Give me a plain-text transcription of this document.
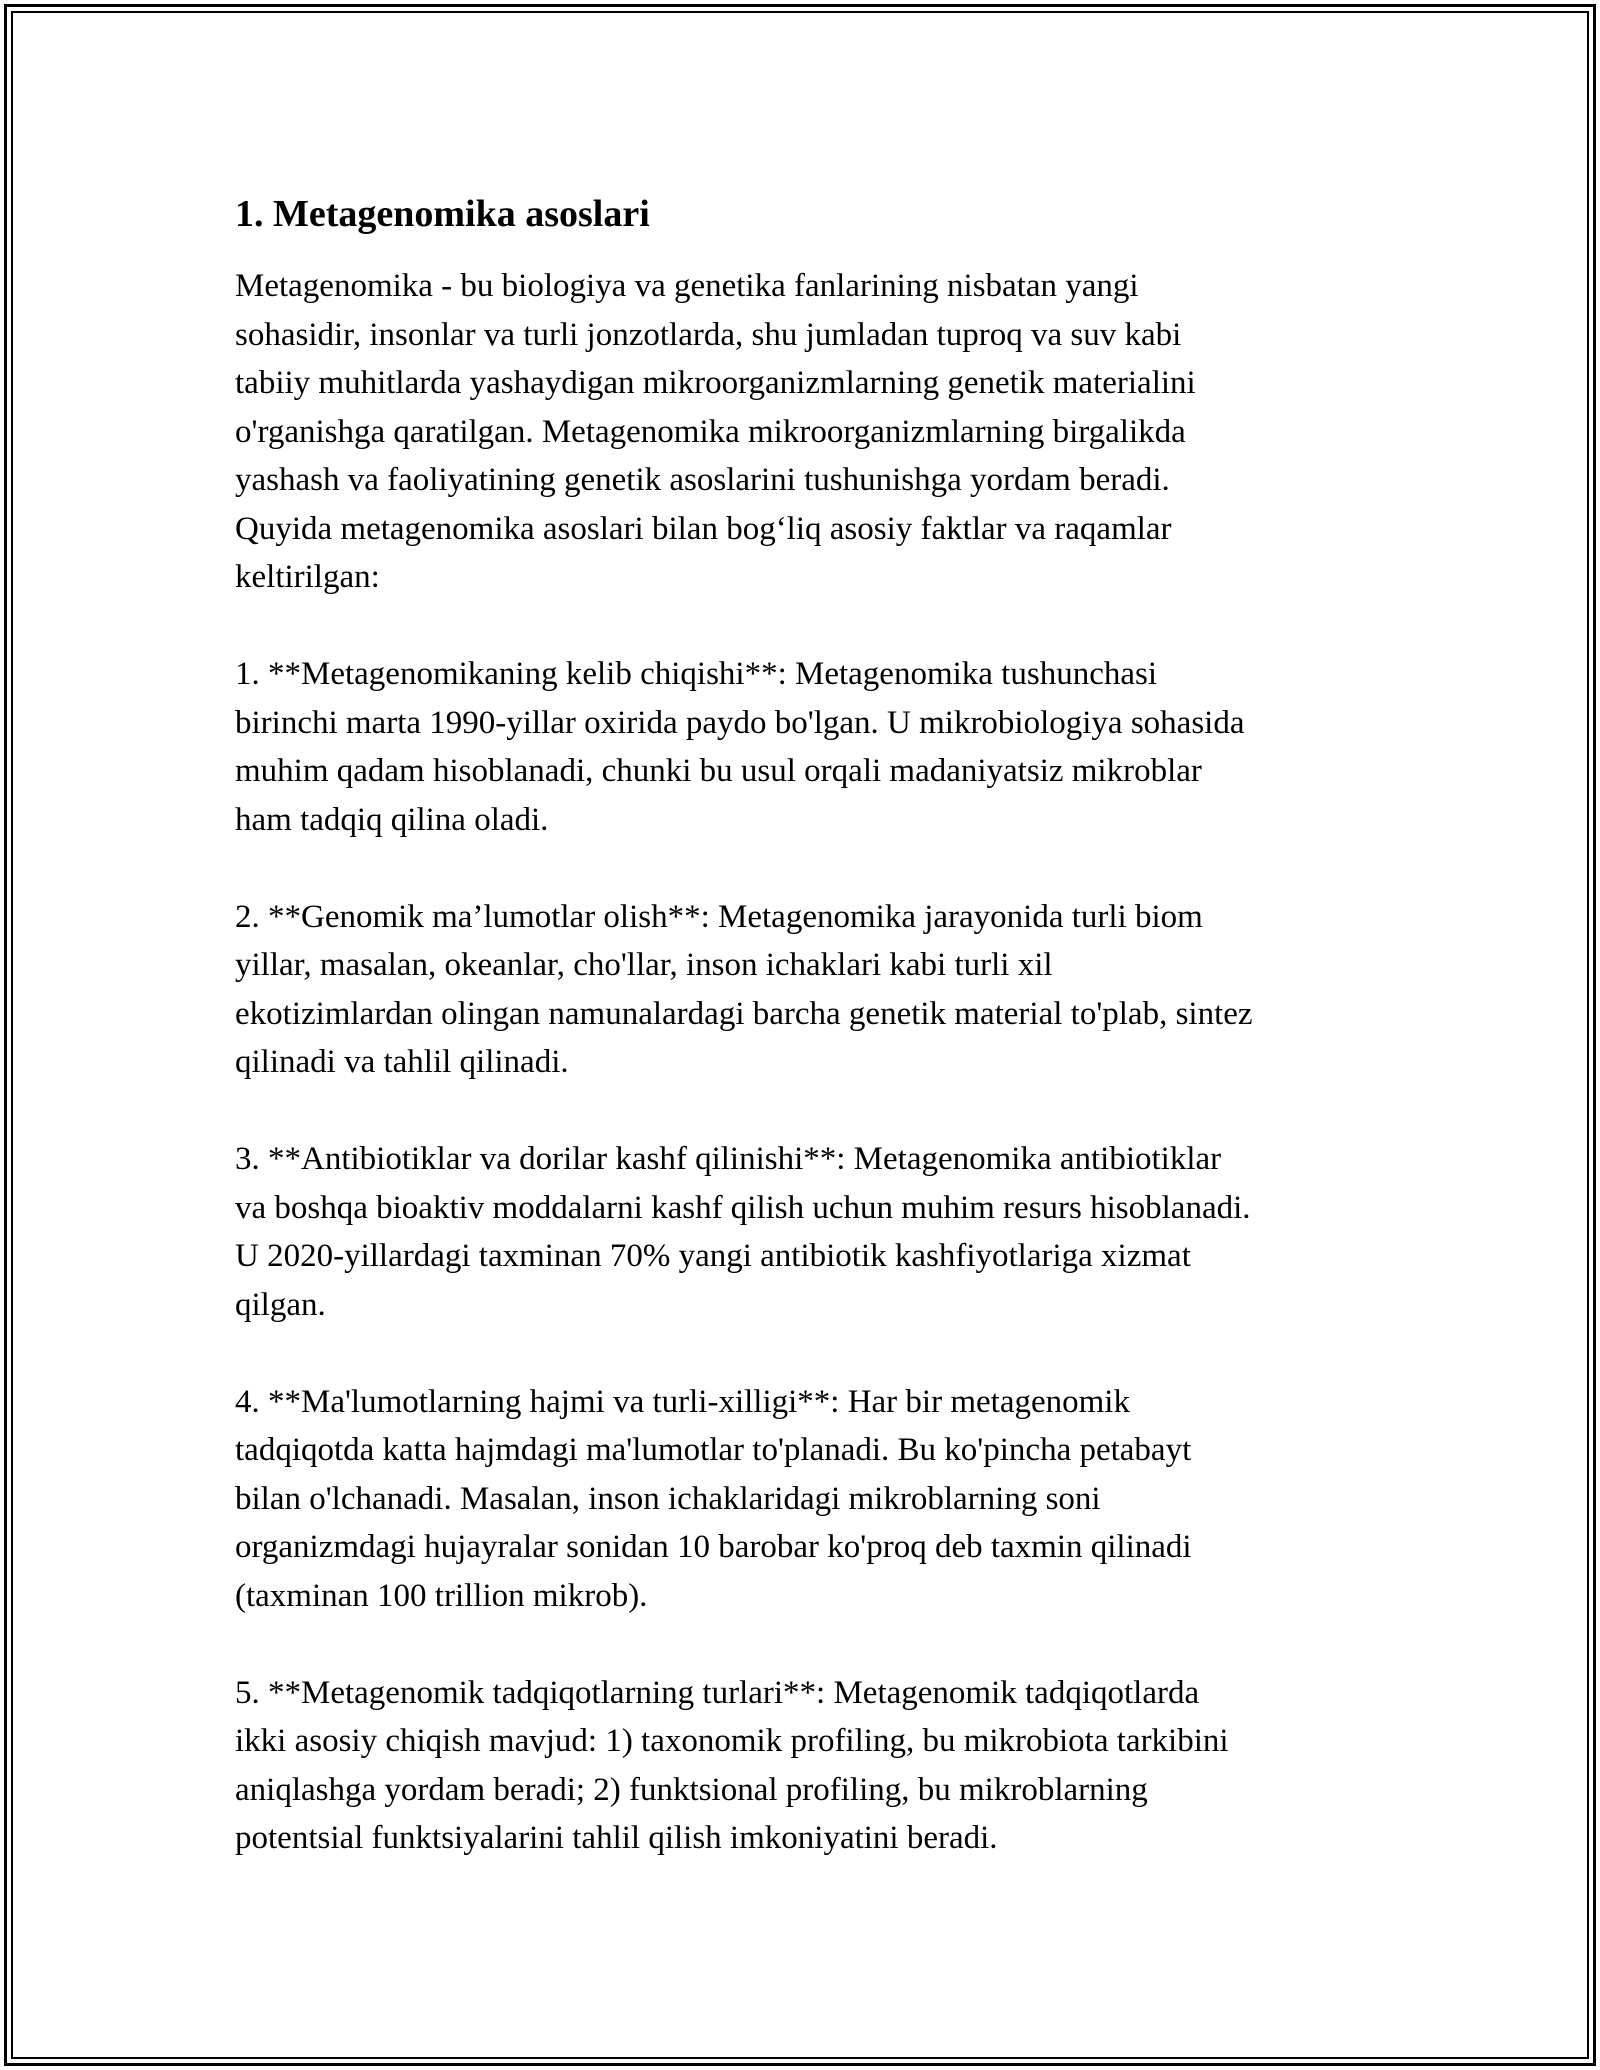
1. Metagenomika asoslari

Metagenomika - bu biologiya va genetika fanlarining nisbatan yangi
sohasidir, insonlar va turli jonzotlarda, shu jumladan tuproq va suv kabi
tabiiy muhitlarda yashaydigan mikroorganizmlarning genetik materialini
o'rganishga qaratilgan. Metagenomika mikroorganizmlarning birgalikda
yashash va faoliyatining genetik asoslarini tushunishga yordam beradi.
Quyida metagenomika asoslari bilan bog‘liq asosiy faktlar va raqamlar
keltirilgan:

1. **Metagenomikaning kelib chiqishi**: Metagenomika tushunchasi
birinchi marta 1990-yillar oxirida paydo bo'lgan. U mikrobiologiya sohasida
muhim qadam hisoblanadi, chunki bu usul orqali madaniyatsiz mikroblar
ham tadqiq qilina oladi.

2. **Genomik ma’lumotlar olish**: Metagenomika jarayonida turli biom
yillar, masalan, okeanlar, cho'llar, inson ichaklari kabi turli xil
ekotizimlardan olingan namunalardagi barcha genetik material to'plab, sintez
qilinadi va tahlil qilinadi.

3. **Antibiotiklar va dorilar kashf qilinishi**: Metagenomika antibiotiklar
va boshqa bioaktiv moddalarni kashf qilish uchun muhim resurs hisoblanadi.
U 2020-yillardagi taxminan 70% yangi antibiotik kashfiyotlariga xizmat
qilgan.

4. **Ma'lumotlarning hajmi va turli-xilligi**: Har bir metagenomik
tadqiqotda katta hajmdagi ma'lumotlar to'planadi. Bu ko'pincha petabayt
bilan o'lchanadi. Masalan, inson ichaklaridagi mikroblarning soni
organizmdagi hujayralar sonidan 10 barobar ko'proq deb taxmin qilinadi
(taxminan 100 trillion mikrob).

5. **Metagenomik tadqiqotlarning turlari**: Metagenomik tadqiqotlarda
ikki asosiy chiqish mavjud: 1) taxonomik profiling, bu mikrobiota tarkibini
aniqlashga yordam beradi; 2) funktsional profiling, bu mikroblarning
potentsial funktsiyalarini tahlil qilish imkoniyatini beradi.
